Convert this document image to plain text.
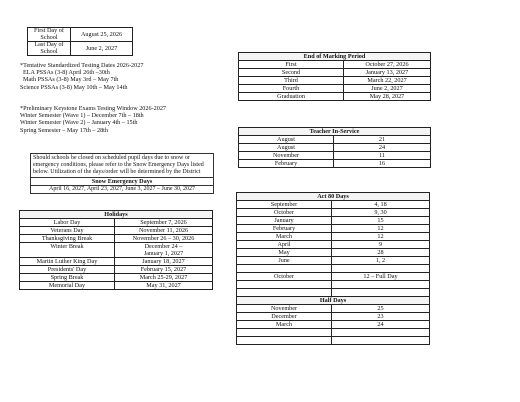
First Day of School	August 25, 2026
Last Day of School	June 2, 2027
*Tentative Standardized Testing Dates 2026-2027
ELA PSSAs (3-8) April 26th –30th
Math PSSAs (3-8) May 3rd – May 7th
Science PSSAs (3-8) May 10th – May 14th
*Preliminary Keystone Exams Testing Window 2026-2027
Winter Semester (Wave 1) – December 7th – 18th
Winter Semester (Wave 2) – January 4th – 15th
Spring Semester – May 17th – 28th
Should schools be closed on scheduled pupil days due to snow or emergency conditions, please refer to the Snow Emergency Days listed below. Utilization of the days/order will be determined by the District
Snow Emergency Days
April 16, 2027, April 23, 2027, June 3, 2027 – June 30, 2027
Holidays	
Labor Day	September 7, 2026
Veterans Day	November 11, 2026
Thanksgiving Break	November 26 – 30, 2026
Winter Break	December 24 –
	January 1, 2027
Martin Luther King Day	January 18, 2027
Presidents' Day	February 15, 2027
Spring Break	March 25-29, 2027
Memorial Day	May 31, 2027
End of Marking Period	
First	October 27, 2026
Second	January 13, 2027
Third	March 22, 2027
Fourth	June 2, 2027
Graduation	May 28, 2027
Teacher In-Service	
August	21
August	24
November	11
February	16
Act 80 Days	
September	4, 18
October	9, 30
January	15
February	12
March	12
April	9
May	28
June	1, 2

October	12 – Full Day

Half Days	
November	25
December	23
March	24
